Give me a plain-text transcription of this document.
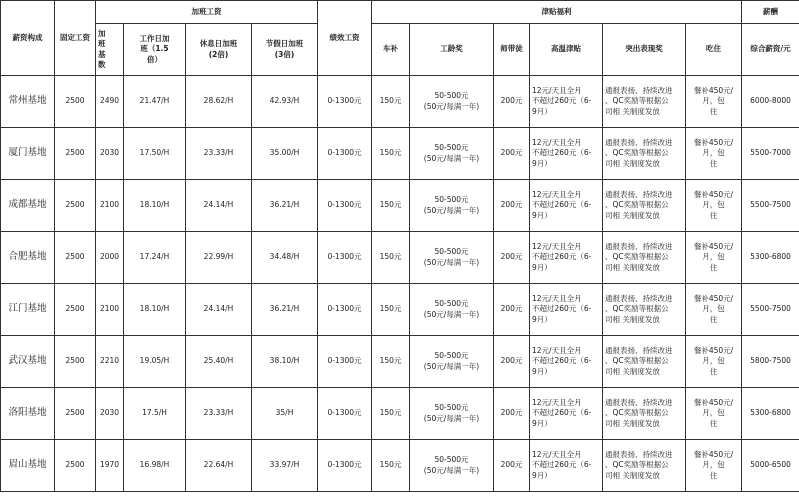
薪资构成	固定工资	加班工资				绩效工资	津贴福利						薪酬
		加
班
基
数	工作日加
班（1.5
倍）	休息日加班
(2倍)	节假日加班
(3倍)		车补	工龄奖	师带徒	高温津贴	突出表现奖	吃住	综合薪资/元
常州基地	2500	2490	21.47/H	28.62/H	42.93/H	0-1300元	150元	50-500元
(50元/每满一年)	200元	12元/天且全月
不超过260元（6-
9月）	通报表扬、持续改进
、QC奖励等根据公
司相 关制度发放	餐补450元/
月，包
住	6000-8000
厦门基地	2500	2030	17.50/H	23.33/H	35.00/H	0-1300元	150元	50-500元
(50元/每满一年)	200元	12元/天且全月
不超过260元（6-
9月）	通报表扬、持续改进
、QC奖励等根据公
司相 关制度发放	餐补450元/
月，包
住	5500-7000
成都基地	2500	2100	18.10/H	24.14/H	36.21/H	0-1300元	150元	50-500元
(50元/每满一年)	200元	12元/天且全月
不超过260元（6-
9月）	通报表扬、持续改进
、QC奖励等根据公
司相 关制度发放	餐补450元/
月，包
住	5500-7500
合肥基地	2500	2000	17.24/H	22.99/H	34.48/H	0-1300元	150元	50-500元
(50元/每满一年)	200元	12元/天且全月
不超过260元（6-
9月）	通报表扬、持续改进
、QC奖励等根据公
司相 关制度发放	餐补450元/
月，包
住	5300-6800
江门基地	2500	2100	18.10/H	24.14/H	36.21/H	0-1300元	150元	50-500元
(50元/每满一年)	200元	12元/天且全月
不超过260元（6-
9月）	通报表扬、持续改进
、QC奖励等根据公
司相 关制度发放	餐补450元/
月，包
住	5500-7500
武汉基地	2500	2210	19.05/H	25.40/H	38.10/H	0-1300元	150元	50-500元
(50元/每满一年)	200元	12元/天且全月
不超过260元（6-
9月）	通报表扬、持续改进
、QC奖励等根据公
司相 关制度发放	餐补450元/
月，包
住	5800-7500
洛阳基地	2500	2030	17.5/H	23.33/H	35/H	0-1300元	150元	50-500元
(50元/每满一年)	200元	12元/天且全月
不超过260元（6-
9月）	通报表扬、持续改进
、QC奖励等根据公
司相 关制度发放	餐补450元/
月，包
住	5300-6800
眉山基地	2500	1970	16.98/H	22.64/H	33.97/H	0-1300元	150元	50-500元
(50元/每满一年)	200元	12元/天且全月
不超过260元（6-
9月）	通报表扬、持续改进
、QC奖励等根据公
司相 关制度发放	餐补450元/
月，包
住	5000-6500
